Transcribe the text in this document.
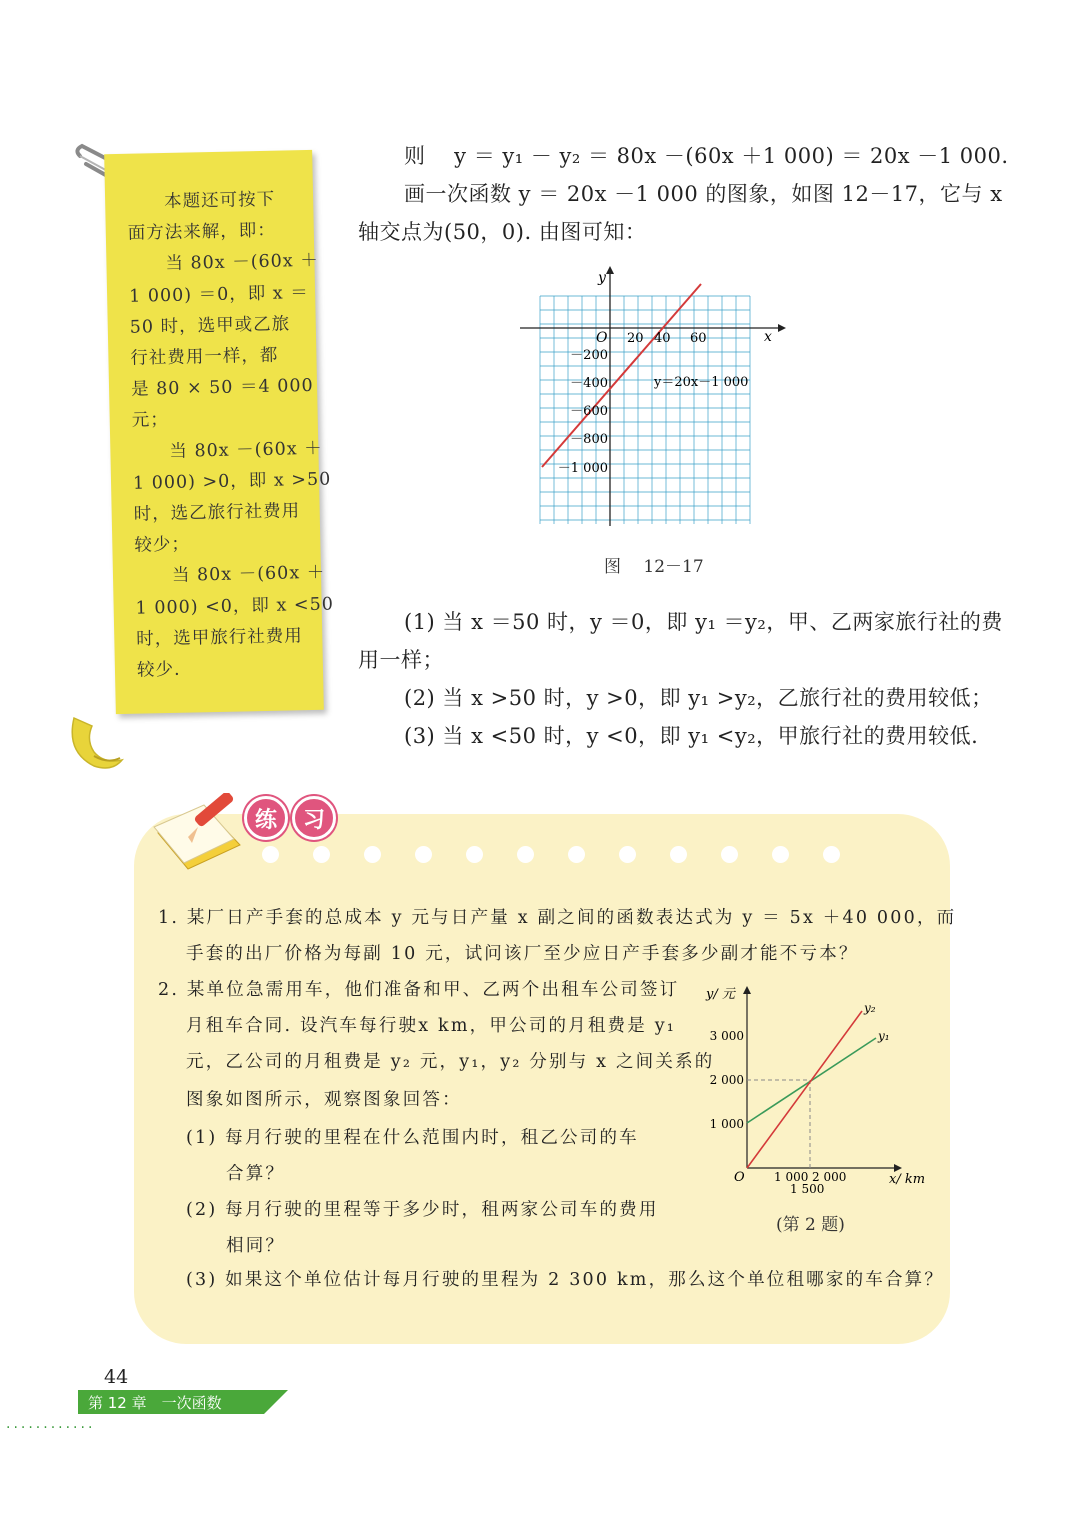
　　本题还可按下
面方法来解，即：
　　当 80x －(60x ＋
1 000) ＝0，即 x ＝
50 时，选甲或乙旅
行社费用一样，都
是 80 × 50 ＝4 000
元；
　　当 80x －(60x ＋
1 000) >0，即 x >50
时，选乙旅行社费用
较少；
　　当 80x －(60x ＋
1 000) <0，即 x <50
时，选甲旅行社费用
较少.
则　 y ＝ y₁ － y₂ ＝ 80x －(60x ＋1 000) ＝ 20x －1 000.
画一次函数 y ＝ 20x －1 000 的图象，如图 12－17，它与 x
轴交点为(50，0). 由图可知：
x
y
O 20 40 60
－200
－400
－600
－800
－1 000
y＝20x－1 000
图　 12－17
(1) 当 x ＝50 时，y ＝0，即 y₁ ＝y₂，甲、乙两家旅行社的费
用一样；
(2) 当 x >50 时，y >0，即 y₁ >y₂，乙旅行社的费用较低；
(3) 当 x <50 时，y <0，即 y₁ <y₂，甲旅行社的费用较低.
练	习
1. 某厂日产手套的总成本 y 元与日产量 x 副之间的函数表达式为 y ＝ 5x ＋40 000，而
手套的出厂价格为每副 10 元，试问该厂至少应日产手套多少副才能不亏本？
2. 某单位急需用车，他们准备和甲、乙两个出租车公司签订
月租车合同. 设汽车每行驶x km，甲公司的月租费是 y₁
元，乙公司的月租费是 y₂ 元，y₁，y₂ 分别与 x 之间关系的
图象如图所示，观察图象回答：
(1) 每月行驶的里程在什么范围内时，租乙公司的车
合算？
(2) 每月行驶的里程等于多少时，租两家公司车的费用
相同？
(3) 如果这个单位估计每月行驶的里程为 2 300 km，那么这个单位租哪家的车合算？
y/ 元
x/ km
O
3 000
2 000
1 000
1 000 2 000
1 500
y₁
y₂
(第 2 题)
44
第 12 章　一次函数
············
